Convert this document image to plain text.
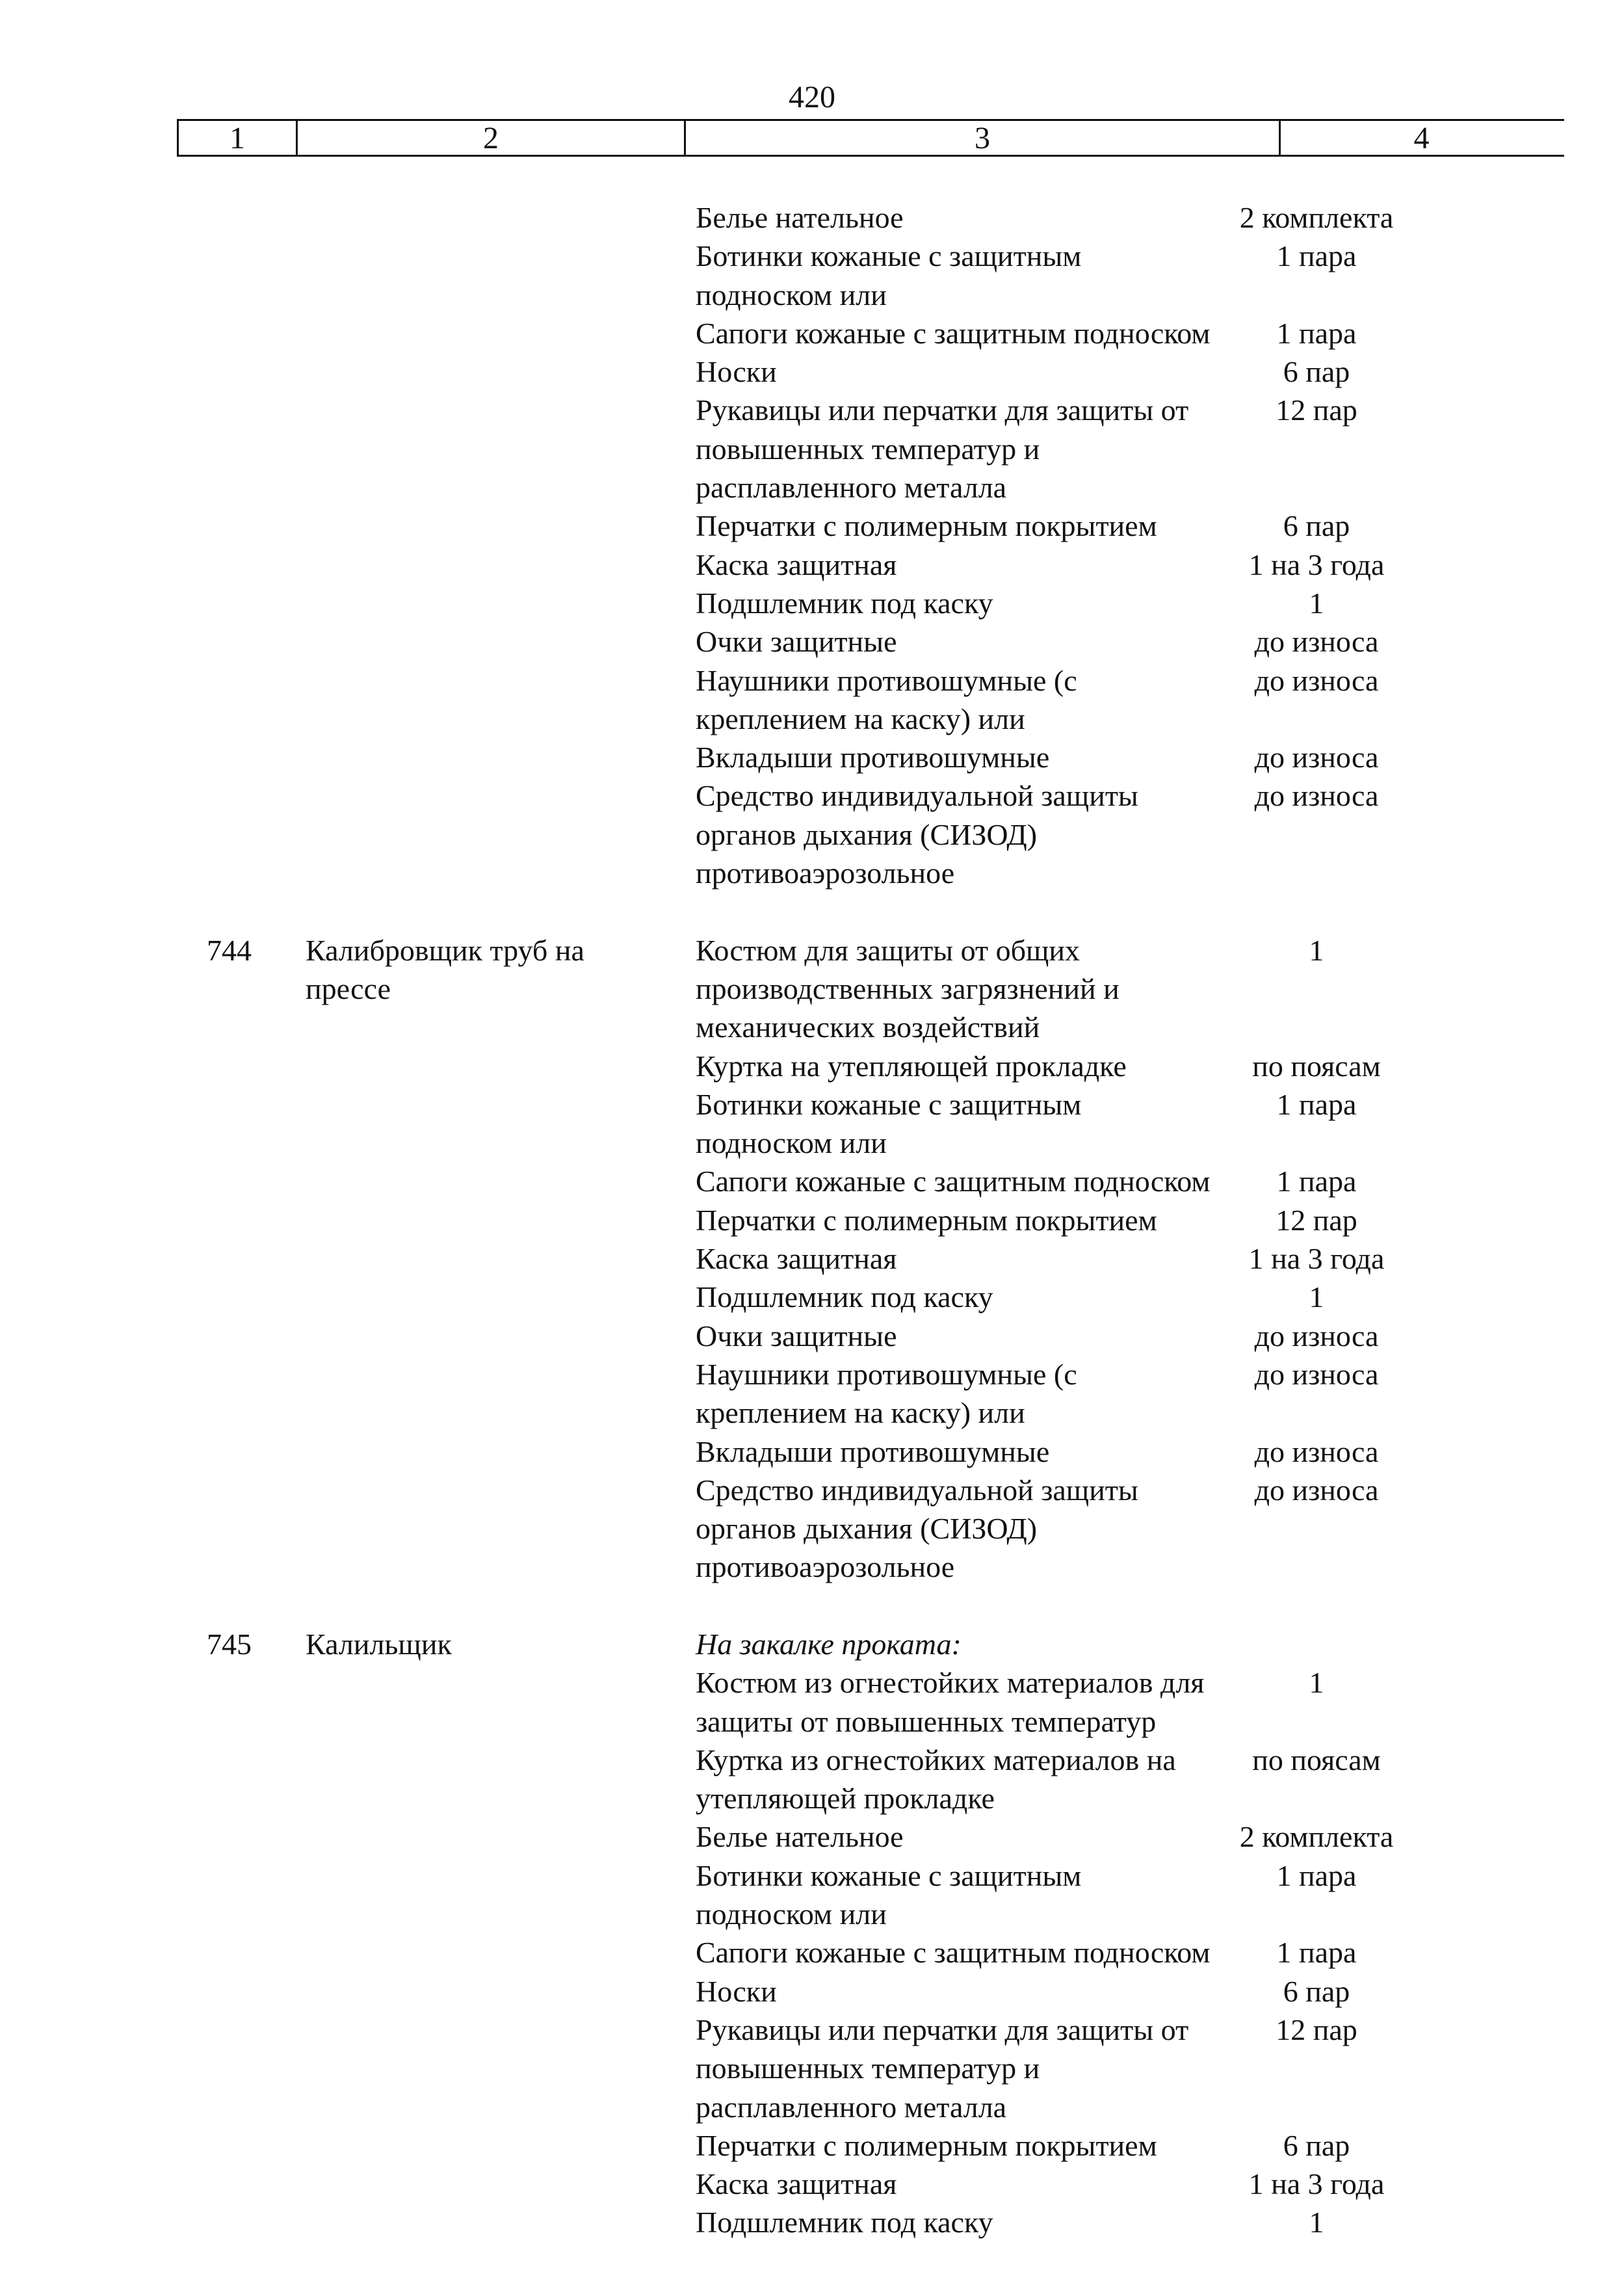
420
1	2	3	4
Белье нательное	2 комплекта
Ботинки кожаные с защитным	1 пара
подноском или
Сапоги кожаные с защитным подноском	1 пара
Носки	6 пар
Рукавицы или перчатки для защиты от	12 пар
повышенных температур и
расплавленного металла
Перчатки с полимерным покрытием	6 пар
Каска защитная	1 на 3 года
Подшлемник под каску	1
Очки защитные	до износа
Наушники противошумные (с	до износа
креплением на каску) или
Вкладыши противошумные	до износа
Средство индивидуальной защиты	до износа
органов дыхания (СИЗОД)
противоаэрозольное
744 Калибровщик труб на	Костюм для защиты от общих	1
прессе	производственных загрязнений и
механических воздействий
Куртка на утепляющей прокладке	по поясам
Ботинки кожаные с защитным	1 пара
подноском или
Сапоги кожаные с защитным подноском	1 пара
Перчатки с полимерным покрытием	12 пар
Каска защитная	1 на 3 года
Подшлемник под каску	1
Очки защитные	до износа
Наушники противошумные (с	до износа
креплением на каску) или
Вкладыши противошумные	до износа
Средство индивидуальной защиты	до износа
органов дыхания (СИЗОД)
противоаэрозольное
745 Калильщик	На закалке проката:
Костюм из огнестойких материалов для	1
защиты от повышенных температур
Куртка из огнестойких материалов на	по поясам
утепляющей прокладке
Белье нательное	2 комплекта
Ботинки кожаные с защитным	1 пара
подноском или
Сапоги кожаные с защитным подноском	1 пара
Носки	6 пар
Рукавицы или перчатки для защиты от	12 пар
повышенных температур и
расплавленного металла
Перчатки с полимерным покрытием	6 пар
Каска защитная	1 на 3 года
Подшлемник под каску	1
